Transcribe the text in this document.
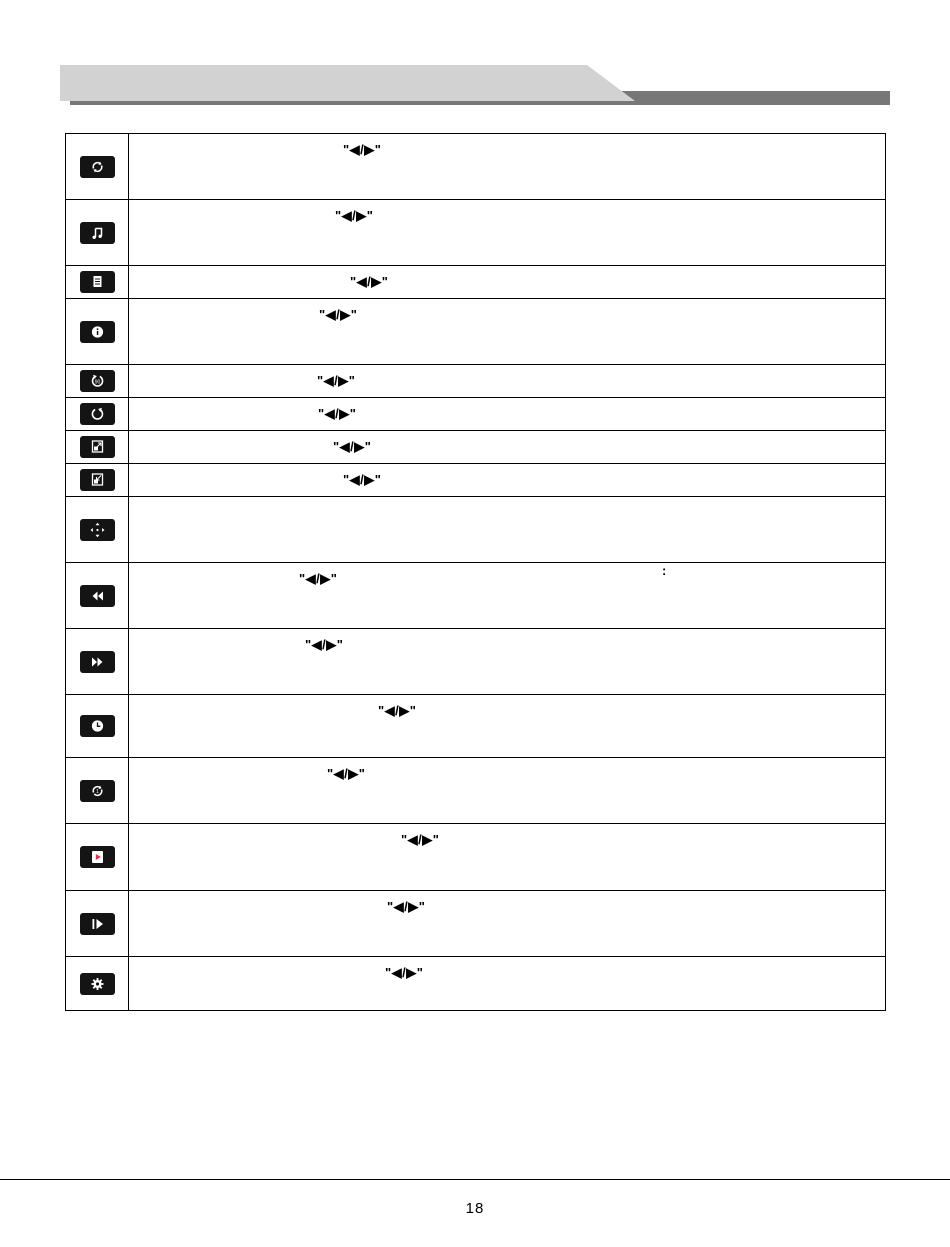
"◀/▶"

"◀/▶"

"◀/▶"

"◀/▶"

90	"◀/▶"

"◀/▶"

"◀/▶"

"◀/▶"

"◀/▶"
:

"◀/▶"

"◀/▶"

1	"◀/▶"

"◀/▶"

"◀/▶"

"◀/▶"
18
